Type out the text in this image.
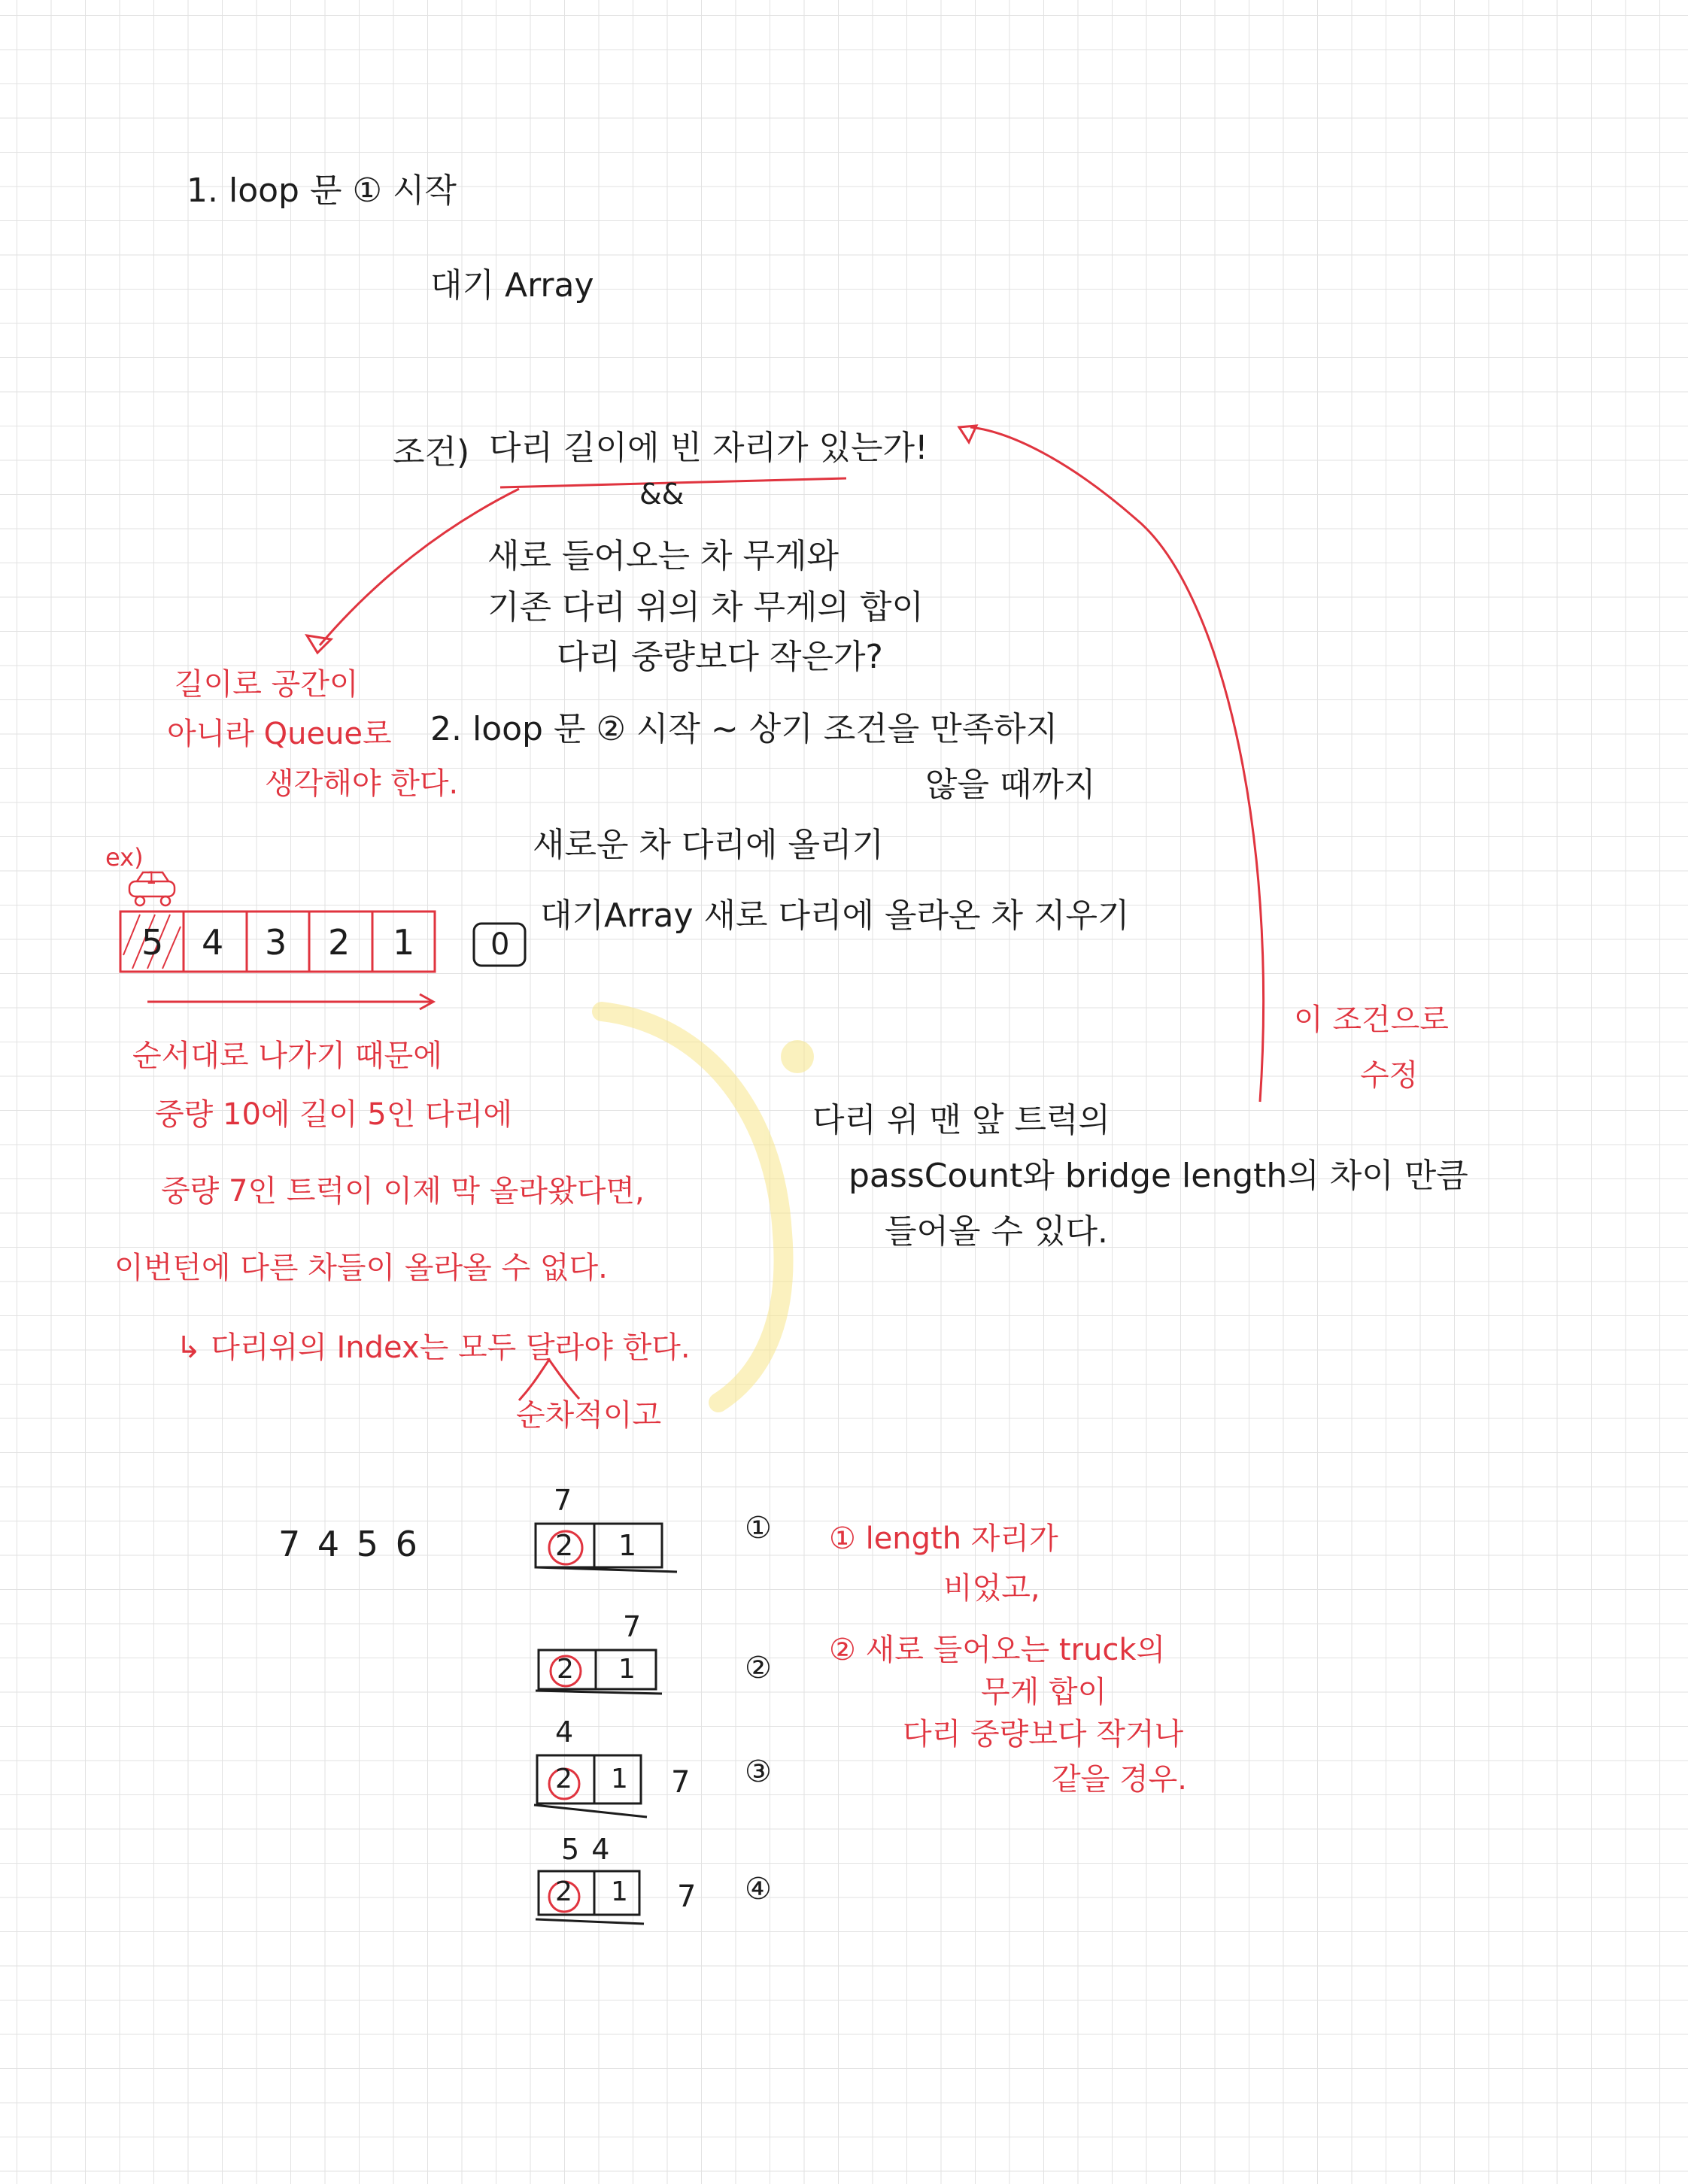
1. loop 문 ① 시작
대기 Array
조건) 다리 길이에 빈 자리가 있는가!
&&
새로 들어오는 차 무게와
기존 다리 위의 차 무게의 합이
다리 중량보다 작은가?
2. loop 문 ② 시작 ~ 상기 조건을 만족하지
않을 때까지
새로운 차 다리에 올리기
대기Array 새로 다리에 올라온 차 지우기
다리 위 맨 앞 트럭의
passCount와 bridge length의 차이 만큼
들어올 수 있다.
길이로 공간이
아니라 Queue로
생각해야 한다.
ex)
1
5 4 3 2 1	0
이 조건으로
수정
순서대로 나가기 때문에
중량 10에 길이 5인 다리에
중량 7인 트럭이 이제 막 올라왔다면,
이번턴에 다른 차들이 올라올 수 없다.
↳ 다리위의 Index는 모두 달라야 한다.
순차적이고
7 4 5 6
7
2 1	①
7
2 1	②
4
2 1 7 ③
5 4
2 1 7 ④
① length 자리가
비었고,
② 새로 들어오는 truck의
무게 합이
다리 중량보다 작거나
같을 경우.
